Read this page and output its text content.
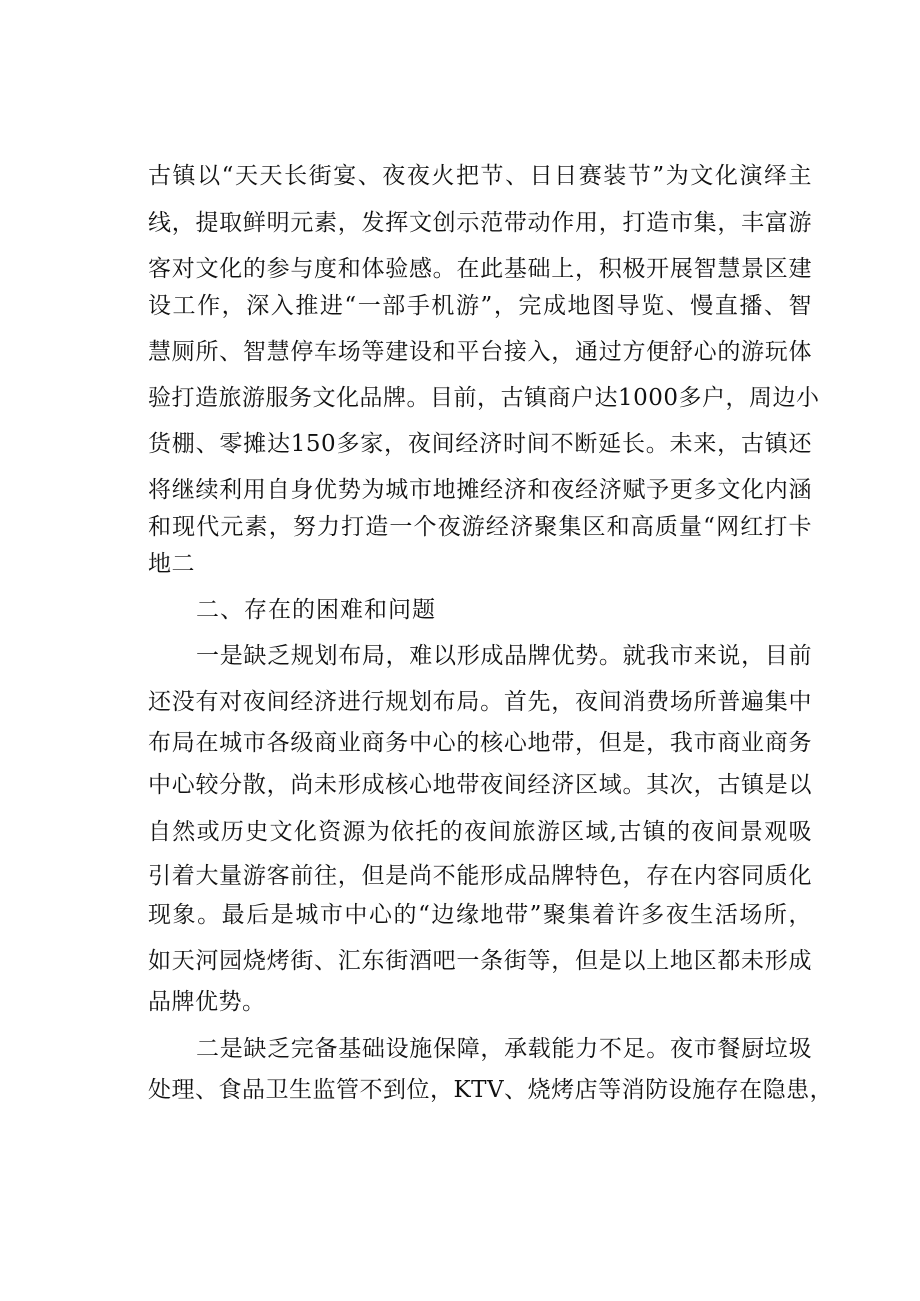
古镇以“天天长街宴、夜夜火把节、日日赛装节”为文化演绎主
线，提取鲜明元素，发挥文创示范带动作用，打造市集，丰富游
客对文化的参与度和体验感。在此基础上，积极开展智慧景区建
设工作，深入推进“一部手机游”，完成地图导览、慢直播、智
慧厕所、智慧停车场等建设和平台接入，通过方便舒心的游玩体
验打造旅游服务文化品牌。目前，古镇商户达1000多户，周边小
货棚、零摊达150多家，夜间经济时间不断延长。未来，古镇还
将继续利用自身优势为城市地摊经济和夜经济赋予更多文化内涵
和现代元素，努力打造一个夜游经济聚集区和高质量“网红打卡
地二
二、存在的困难和问题
一是缺乏规划布局，难以形成品牌优势。就我市来说，目前
还没有对夜间经济进行规划布局。首先，夜间消费场所普遍集中
布局在城市各级商业商务中心的核心地带，但是，我市商业商务
中心较分散，尚未形成核心地带夜间经济区域。其次，古镇是以
自然或历史文化资源为依托的夜间旅游区域,古镇的夜间景观吸
引着大量游客前往，但是尚不能形成品牌特色，存在内容同质化
现象。最后是城市中心的“边缘地带”聚集着许多夜生活场所，
如天河园烧烤街、汇东街酒吧一条街等，但是以上地区都未形成
品牌优势。
二是缺乏完备基础设施保障，承载能力不足。夜市餐厨垃圾
处理、食品卫生监管不到位，KTV、烧烤店等消防设施存在隐患，
